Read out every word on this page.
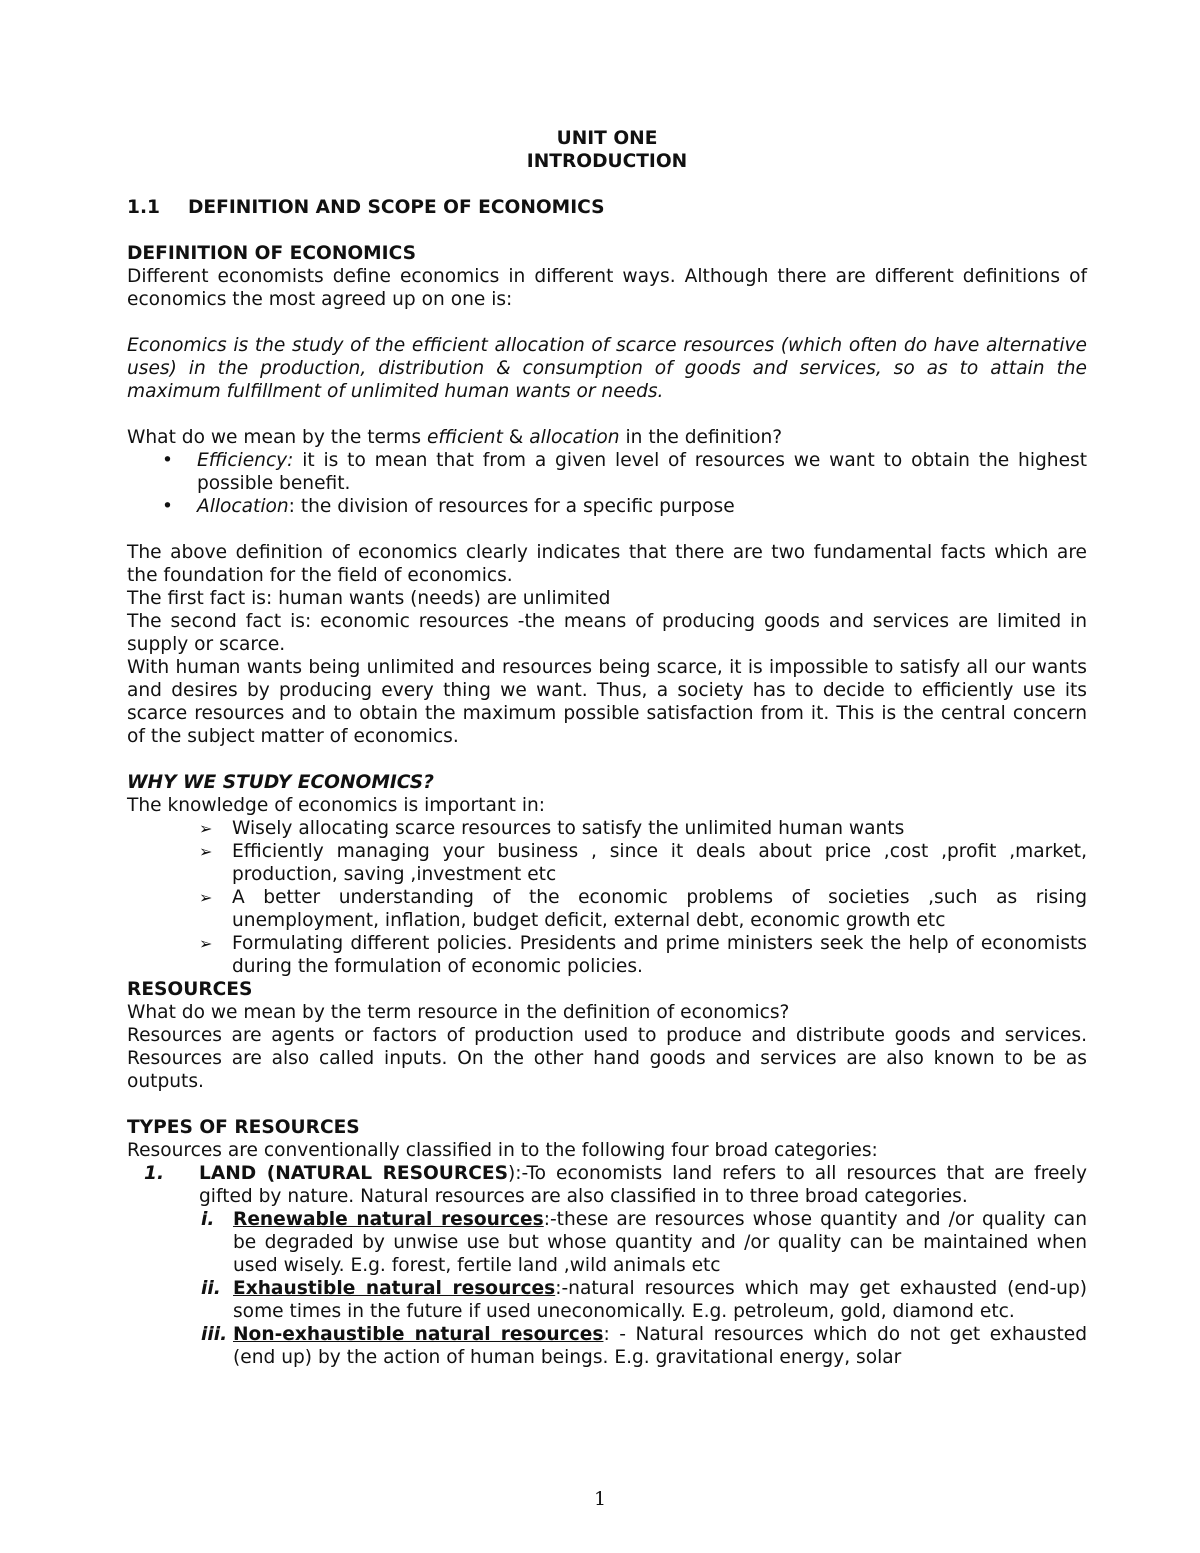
UNIT ONE

INTRODUCTION

1.1 DEFINITION AND SCOPE OF ECONOMICS

DEFINITION OF ECONOMICS

Different economists define economics in different ways. Although there are different definitions of economics the most agreed up on one is:

Economics is the study of the efficient allocation of scarce resources (which often do have alternative uses) in the production, distribution & consumption of goods and services, so as to attain the maximum fulfillment of unlimited human wants or needs.

What do we mean by the terms efficient & allocation in the definition?

•	Efficiency: it is to mean that from a given level of resources we want to obtain the highest possible benefit.
•	Allocation: the division of resources for a specific purpose

The above definition of economics clearly indicates that there are two fundamental facts which are the foundation for the field of economics.

The first fact is: human wants (needs) are unlimited

The second fact is: economic resources -the means of producing goods and services are limited in supply or scarce.

With human wants being unlimited and resources being scarce, it is impossible to satisfy all our wants and desires by producing every thing we want. Thus, a society has to decide to efficiently use its scarce resources and to obtain the maximum possible satisfaction from it. This is the central concern of the subject matter of economics.

WHY WE STUDY ECONOMICS?

The knowledge of economics is important in:

➢	Wisely allocating scarce resources to satisfy the unlimited human wants
➢	Efficiently managing your business , since it deals about price ,cost ,profit ,market, production, saving ,investment etc
➢	A better understanding of the economic problems of societies ,such as rising unemployment, inflation, budget deficit, external debt, economic growth etc
➢	Formulating different policies. Presidents and prime ministers seek the help of economists during the formulation of economic policies.

RESOURCES

What do we mean by the term resource in the definition of economics?

Resources are agents or factors of production used to produce and distribute goods and services. Resources are also called inputs. On the other hand goods and services are also known to be as outputs.

TYPES OF RESOURCES

Resources are conventionally classified in to the following four broad categories:

1.	LAND (NATURAL RESOURCES):-To economists land refers to all resources that are freely gifted by nature. Natural resources are also classified in to three broad categories.
i. Renewable natural resources:-these are resources whose quantity and /or quality can be degraded by unwise use but whose quantity and /or quality can be maintained when used wisely. E.g. forest, fertile land ,wild animals etc
ii. Exhaustible natural resources:-natural resources which may get exhausted (end-up) some times in the future if used uneconomically. E.g. petroleum, gold, diamond etc.
iii. Non-exhaustible natural resources: - Natural resources which do not get exhausted (end up) by the action of human beings. E.g. gravitational energy, solar
1
